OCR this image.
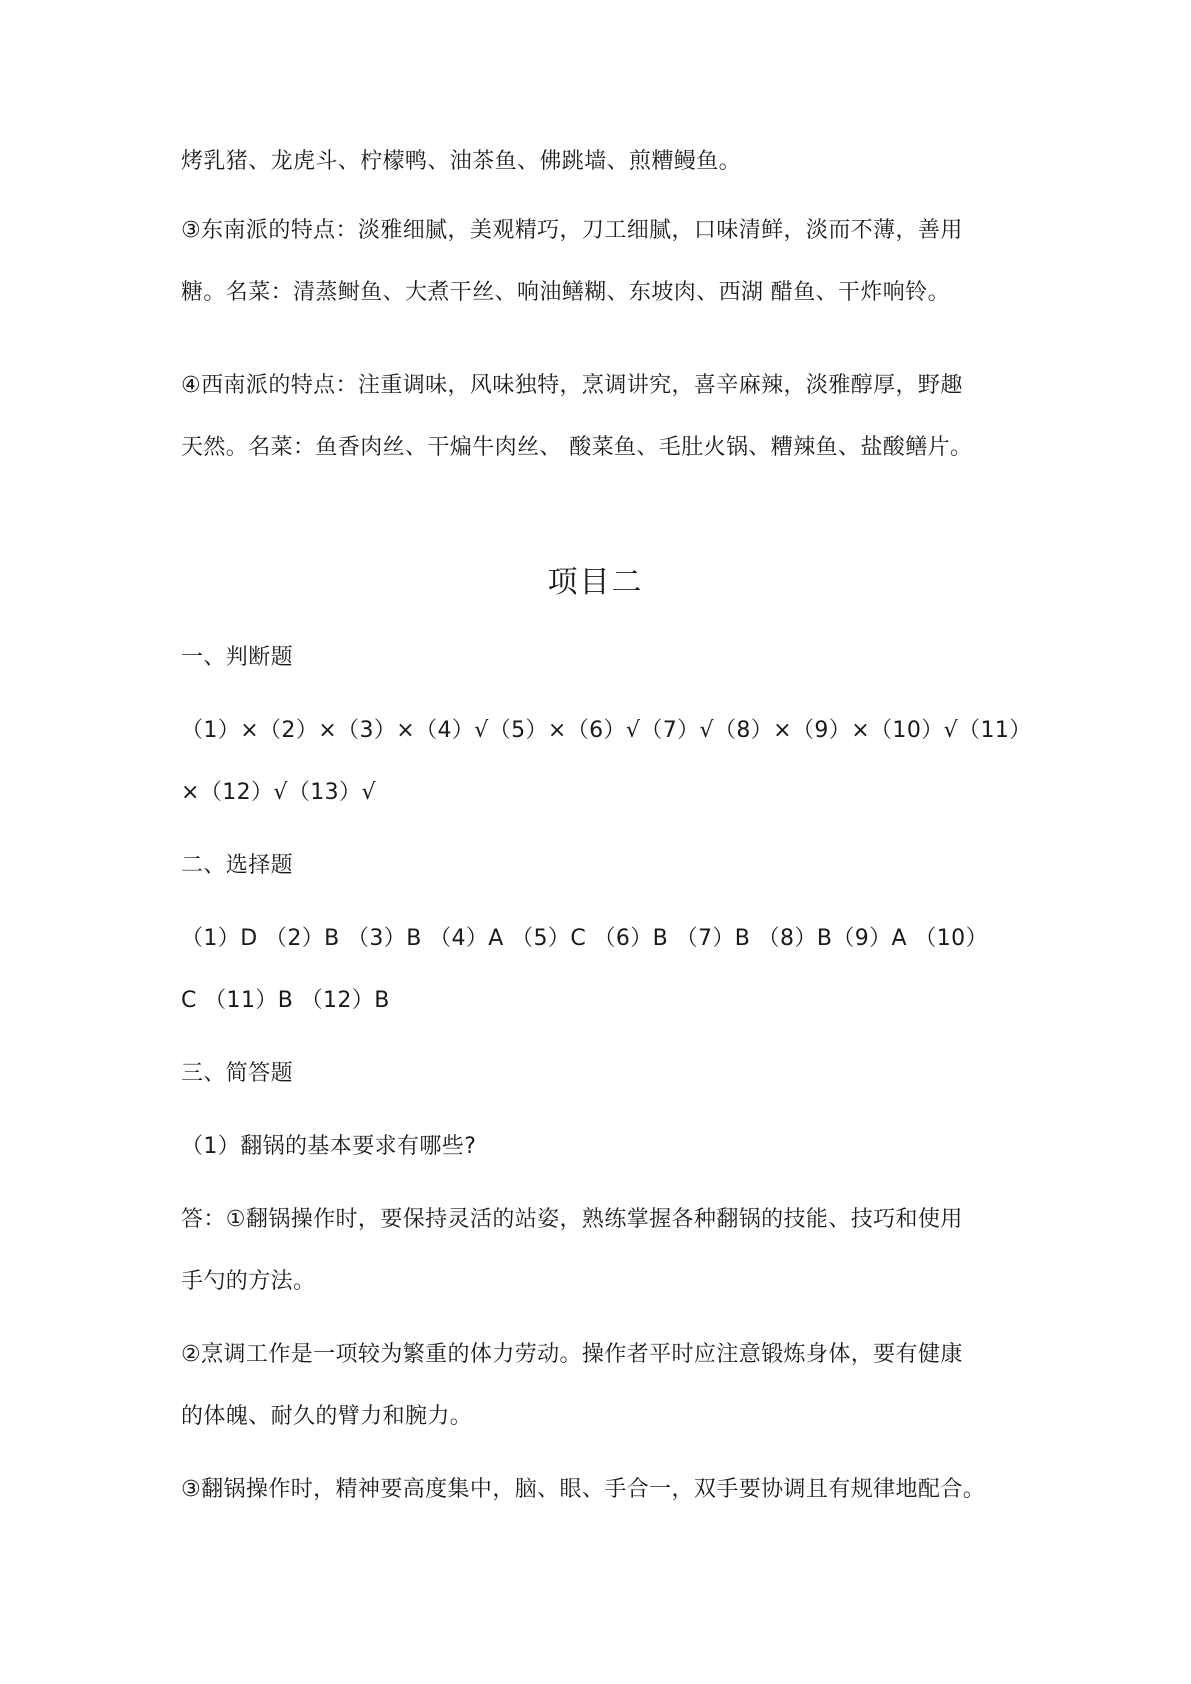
烤乳猪、龙虎斗、柠檬鸭、油茶鱼、佛跳墙、煎糟鳗鱼。
③东南派的特点：淡雅细腻，美观精巧，刀工细腻，口味清鲜，淡而不薄，善用
糖。名菜：清蒸鲥鱼、大煮干丝、响油鳝糊、东坡肉、西湖 醋鱼、干炸响铃。
④西南派的特点：注重调味，风味独特，烹调讲究，喜辛麻辣，淡雅醇厚，野趣
天然。名菜：鱼香肉丝、干煸牛肉丝、 酸菜鱼、毛肚火锅、糟辣鱼、盐酸鳝片。
项目二
一、判断题
（1）×（2）×（3）×（4）√（5）×（6）√（7）√（8）×（9）×（10）√（11）
×（12）√（13）√
二、选择题
（1）D （2）B （3）B （4）A （5）C （6）B （7）B （8）B（9）A （10）
C （11）B （12）B
三、简答题
（1）翻锅的基本要求有哪些?
答：①翻锅操作时，要保持灵活的站姿，熟练掌握各种翻锅的技能、技巧和使用
手勺的方法。
②烹调工作是一项较为繁重的体力劳动。操作者平时应注意锻炼身体，要有健康
的体魄、耐久的臂力和腕力。
③翻锅操作时，精神要高度集中，脑、眼、手合一，双手要协调且有规律地配合。
